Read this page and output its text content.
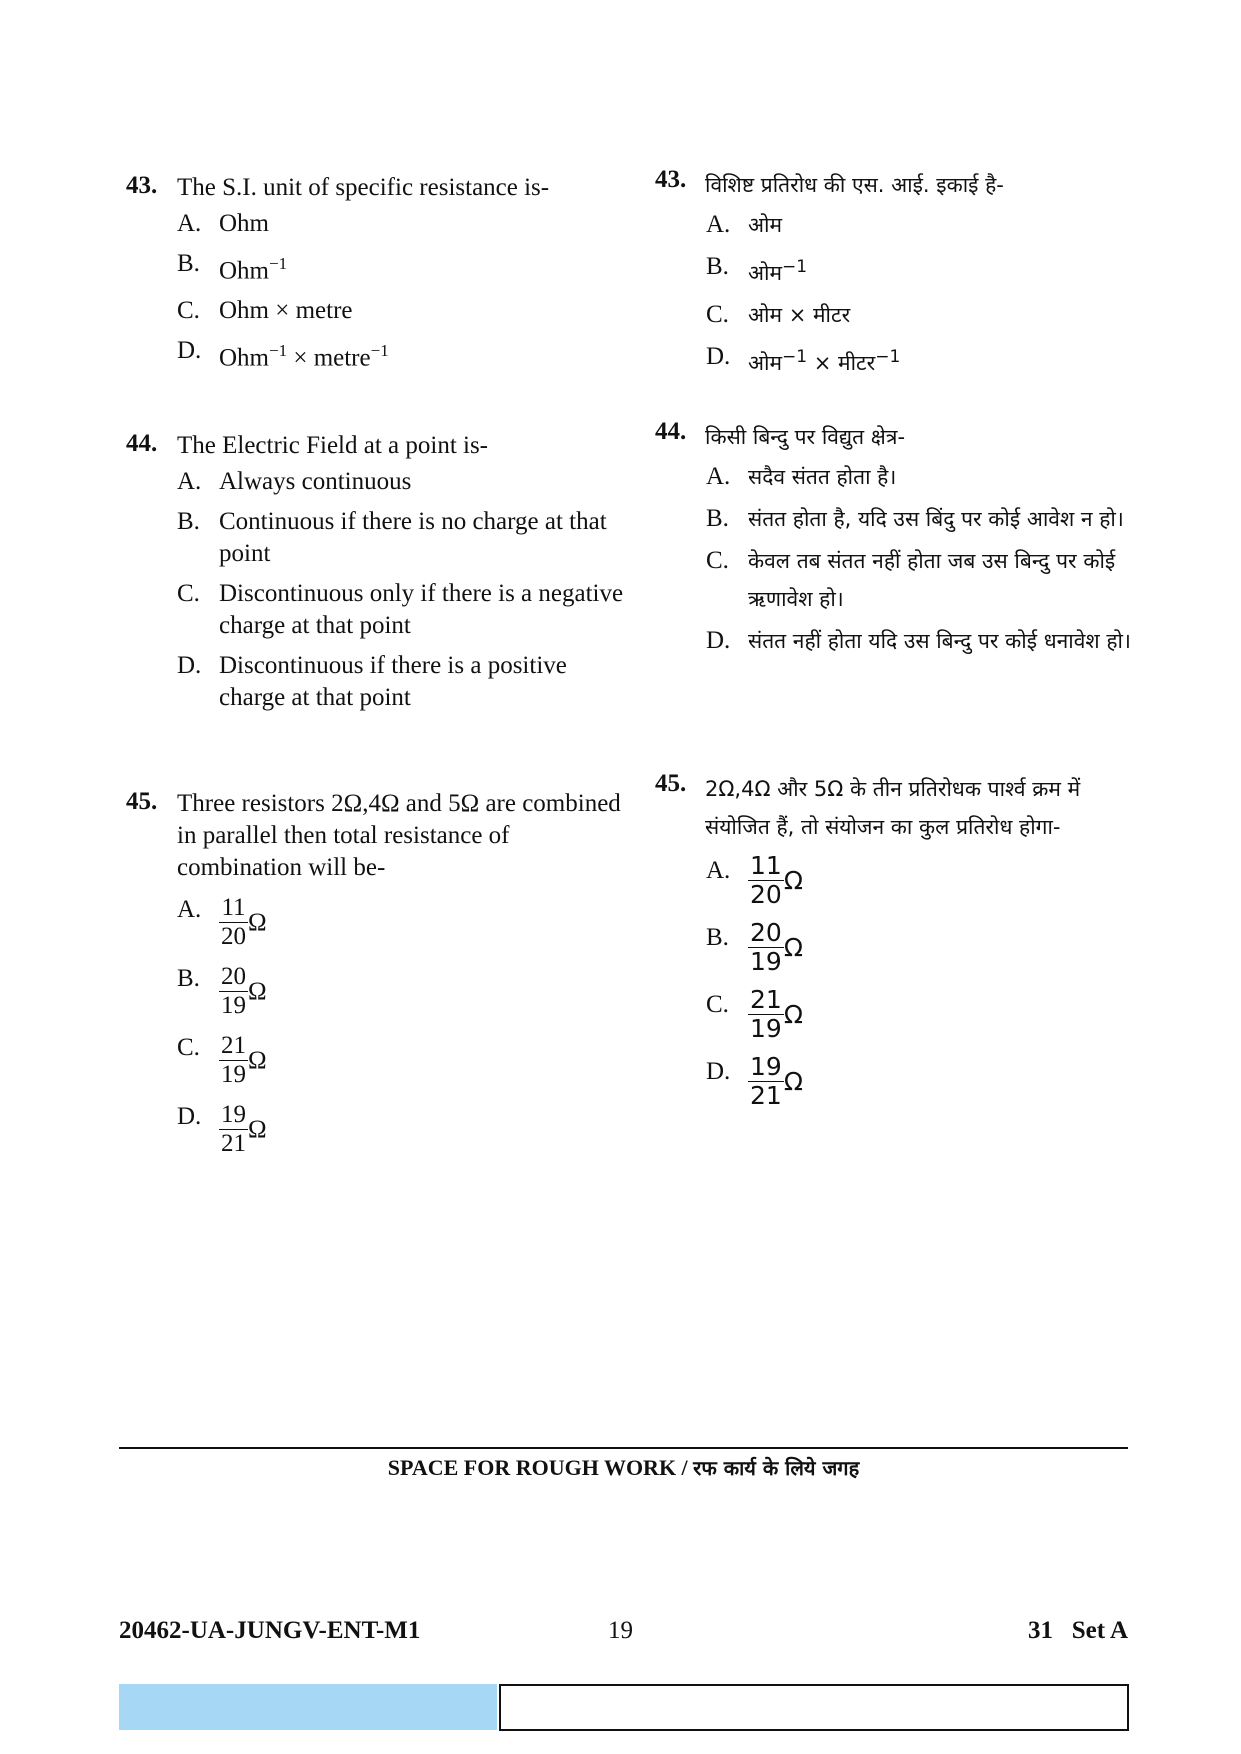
43. The S.I. unit of specific resistance is-
A. Ohm
B. Ohm$^{-1}$
C. Ohm × metre
D. Ohm$^{-1}$ × metre$^{-1}$
44. The Electric Field at a point is-
A. Always continuous
B. Continuous if there is no charge at that point
C. Discontinuous only if there is a negative charge at that point
D. Discontinuous if there is a positive charge at that point
45. Three resistors 2Ω,4Ω and 5Ω are combined in parallel then total resistance of combination will be-
A. $\frac{11}{20}$ Ω
B. $\frac{20}{19}$ Ω
C. $\frac{21}{19}$ Ω
D. $\frac{19}{21}$ Ω
43. विशिष्ट प्रतिरोध की एस. आई. इकाई है-
A. ओम
B. ओम$^{-1}$
C. ओम × मीटर
D. ओम$^{-1}$ × मीटर$^{-1}$
44. किसी बिन्दु पर विद्युत क्षेत्र-
A. सदैव संतत होता है।
B. संतत होता है, यदि उस बिंदु पर कोई आवेश न हो।
C. केवल तब संतत नहीं होता जब उस बिन्दु पर कोई ऋणावेश हो।
D. संतत नहीं होता यदि उस बिन्दु पर कोई धनावेश हो।
45. 2Ω,4Ω और 5Ω के तीन प्रतिरोधक पार्श्व क्रम में संयोजित हैं, तो संयोजन का कुल प्रतिरोध होगा-
A. $\frac{11}{20}$ Ω
B. $\frac{20}{19}$ Ω
C. $\frac{21}{19}$ Ω
D. $\frac{19}{21}$ Ω
SPACE FOR ROUGH WORK / रफ कार्य के लिये जगह
20462-UA-JUNGV-ENT-M1	19	31   Set A
